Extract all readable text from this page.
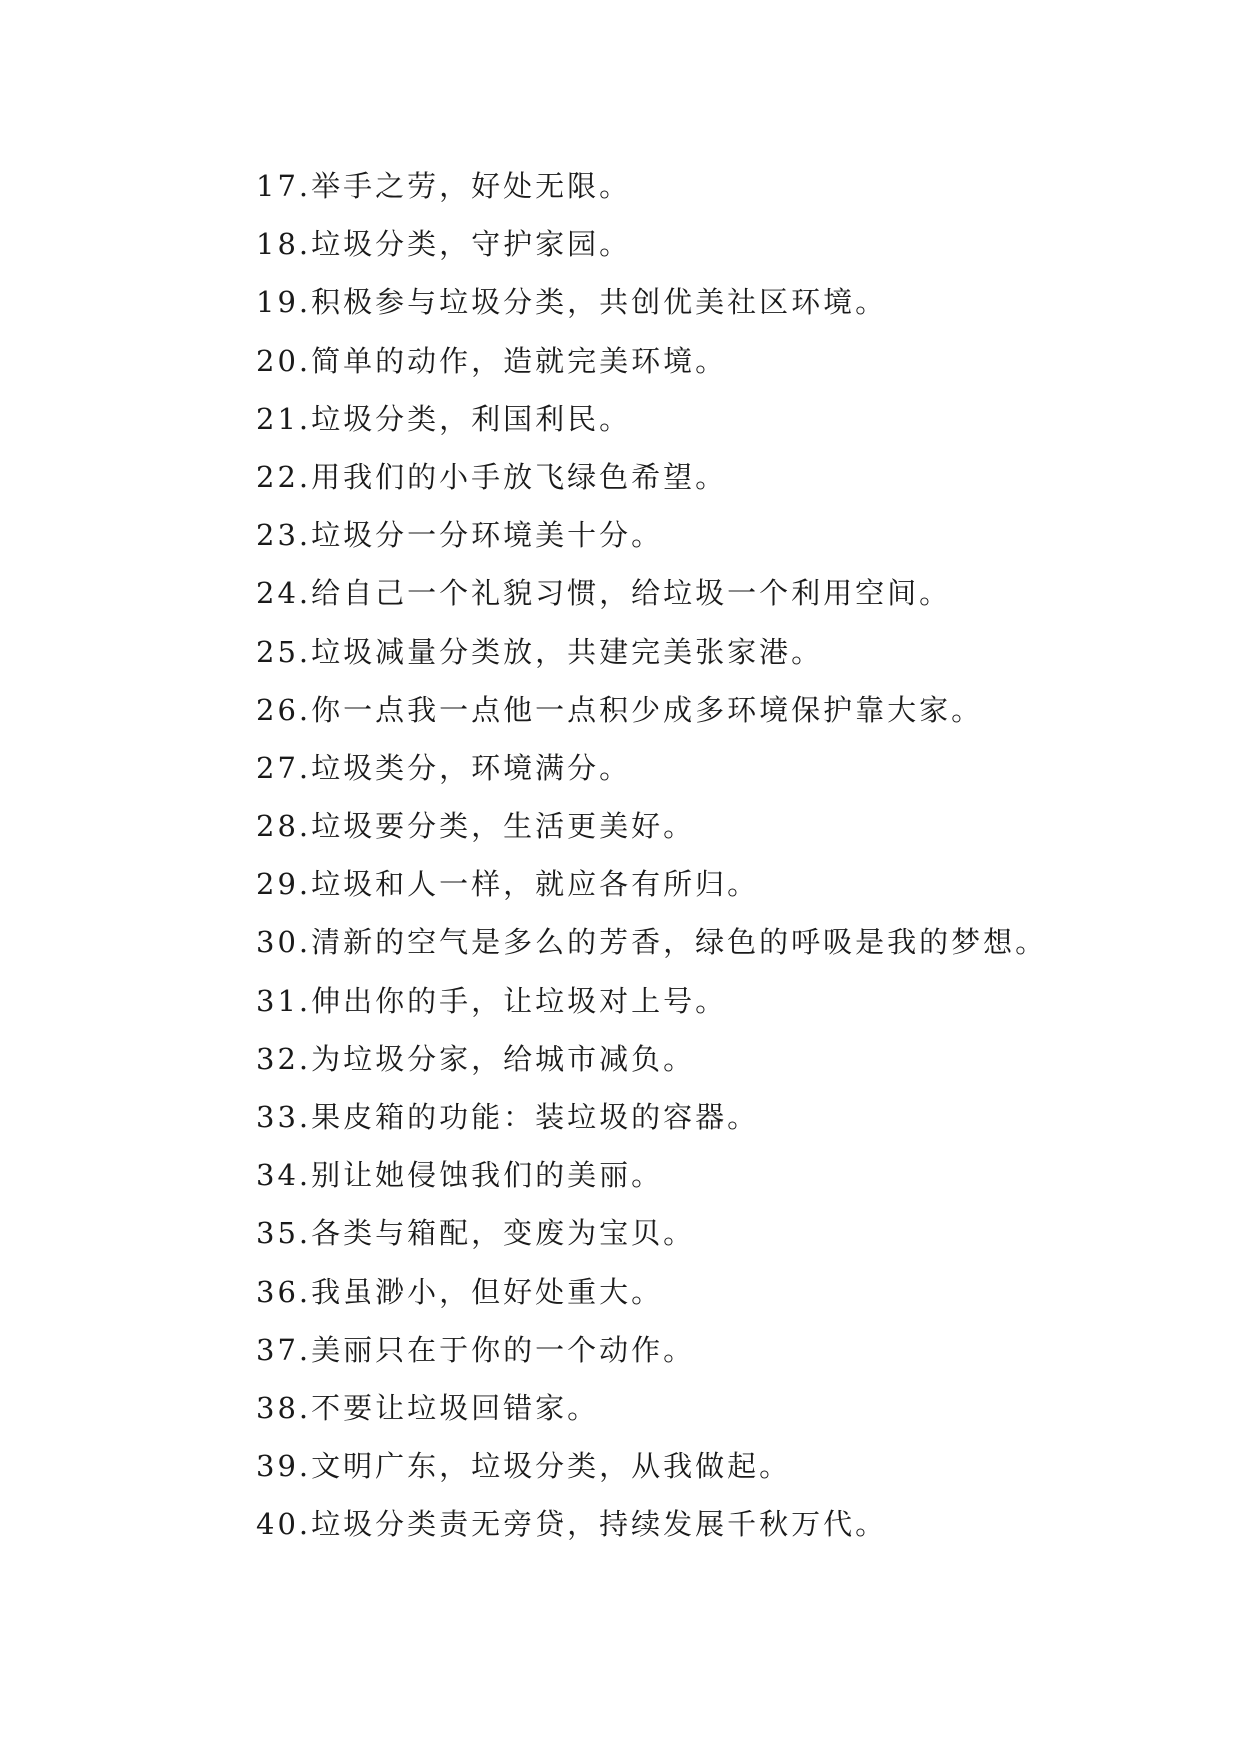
17.举手之劳，好处无限。
18.垃圾分类，守护家园。
19.积极参与垃圾分类，共创优美社区环境。
20.简单的动作，造就完美环境。
21.垃圾分类，利国利民。
22.用我们的小手放飞绿色希望。
23.垃圾分一分环境美十分。
24.给自己一个礼貌习惯，给垃圾一个利用空间。
25.垃圾减量分类放，共建完美张家港。
26.你一点我一点他一点积少成多环境保护靠大家。
27.垃圾类分，环境满分。
28.垃圾要分类，生活更美好。
29.垃圾和人一样，就应各有所归。
30.清新的空气是多么的芳香，绿色的呼吸是我的梦想。
31.伸出你的手，让垃圾对上号。
32.为垃圾分家，给城市减负。
33.果皮箱的功能：装垃圾的容器。
34.别让她侵蚀我们的美丽。
35.各类与箱配，变废为宝贝。
36.我虽渺小，但好处重大。
37.美丽只在于你的一个动作。
38.不要让垃圾回错家。
39.文明广东，垃圾分类，从我做起。
40.垃圾分类责无旁贷，持续发展千秋万代。
